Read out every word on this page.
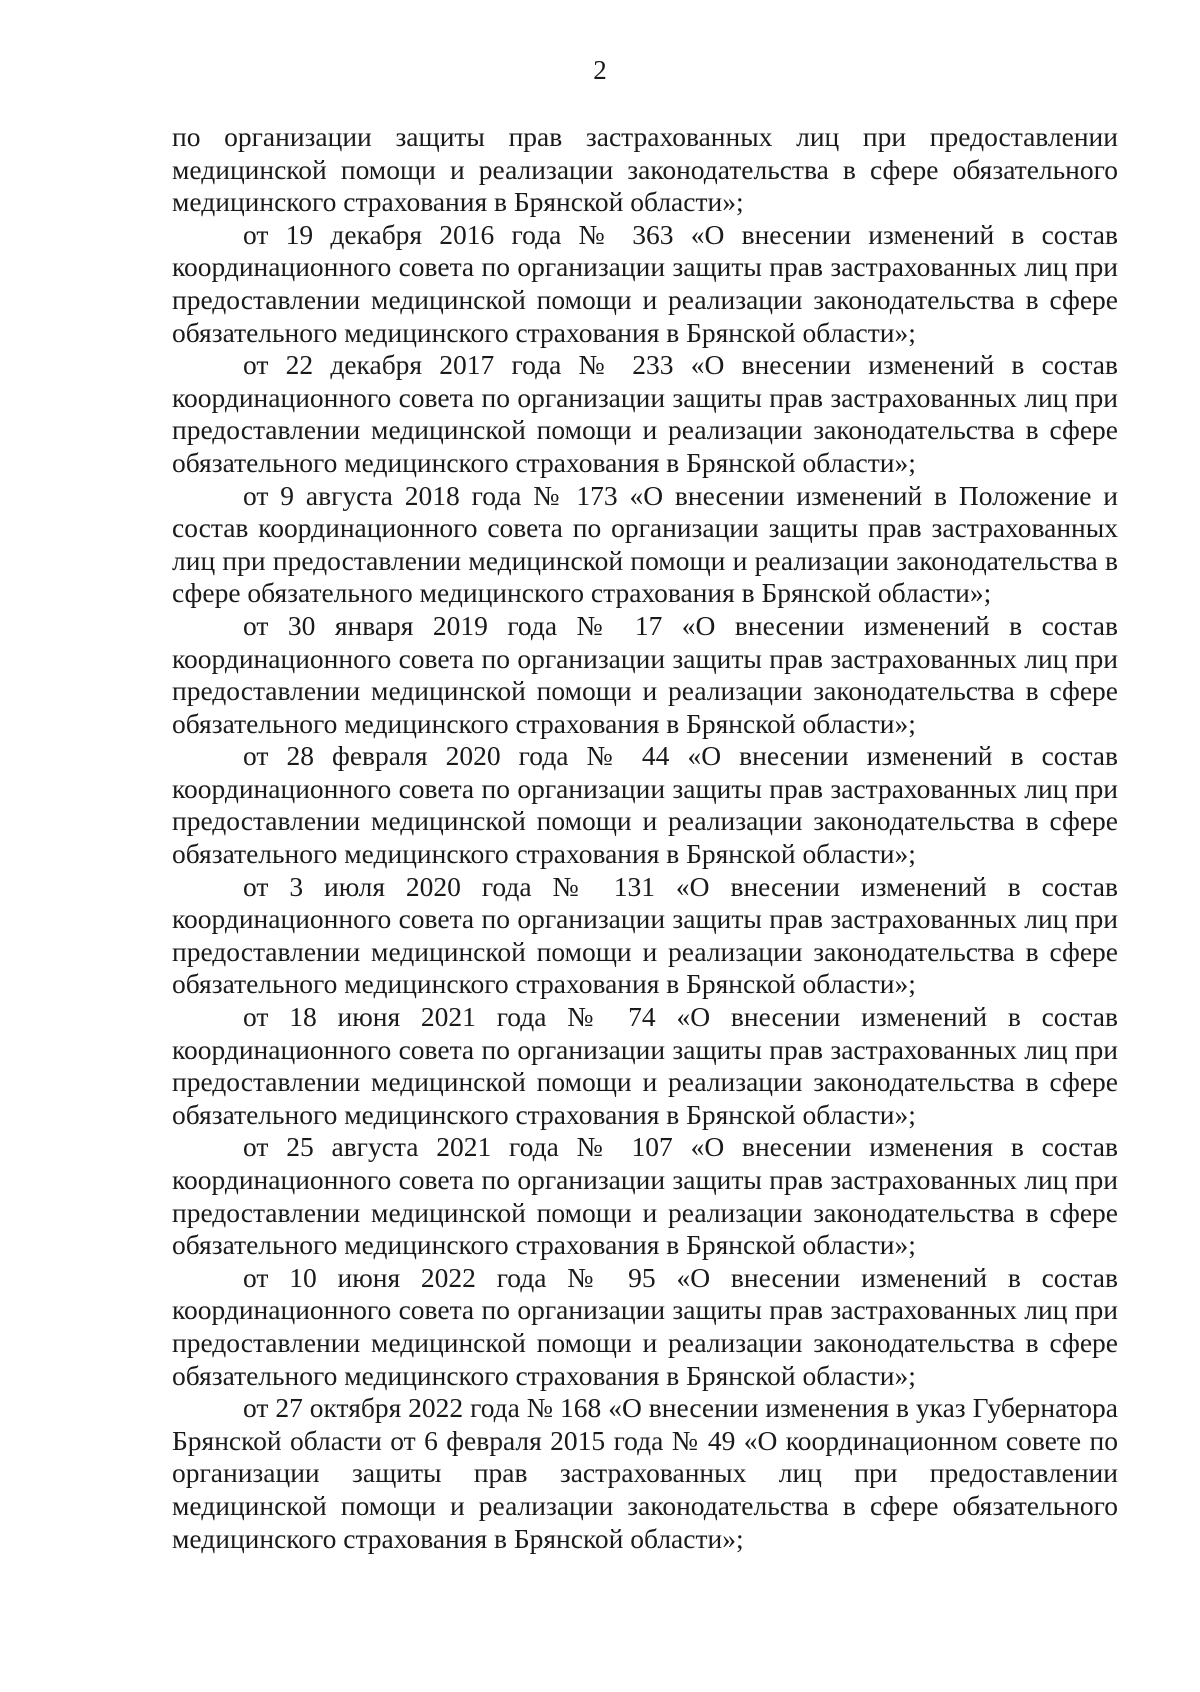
2

по организации защиты прав застрахованных лиц при предоставлении медицинской помощи и реализации законодательства в сфере обязательного медицинского страхования в Брянской области»;

от 19 декабря 2016 года № 363 «О внесении изменений в состав координационного совета по организации защиты прав застрахованных лиц при предоставлении медицинской помощи и реализации законодательства в сфере обязательного медицинского страхования в Брянской области»;

от 22 декабря 2017 года № 233 «О внесении изменений в состав координационного совета по организации защиты прав застрахованных лиц при предоставлении медицинской помощи и реализации законодательства в сфере обязательного медицинского страхования в Брянской области»;

от 9 августа 2018 года № 173 «О внесении изменений в Положение и состав координационного совета по организации защиты прав застрахованных лиц при предоставлении медицинской помощи и реализации законодательства в сфере обязательного медицинского страхования в Брянской области»;

от 30 января 2019 года № 17 «О внесении изменений в состав координационного совета по организации защиты прав застрахованных лиц при предоставлении медицинской помощи и реализации законодательства в сфере обязательного медицинского страхования в Брянской области»;

от 28 февраля 2020 года № 44 «О внесении изменений в состав координационного совета по организации защиты прав застрахованных лиц при предоставлении медицинской помощи и реализации законодательства в сфере обязательного медицинского страхования в Брянской области»;

от 3 июля 2020 года № 131 «О внесении изменений в состав координационного совета по организации защиты прав застрахованных лиц при предоставлении медицинской помощи и реализации законодательства в сфере обязательного медицинского страхования в Брянской области»;

от 18 июня 2021 года № 74 «О внесении изменений в состав координационного совета по организации защиты прав застрахованных лиц при предоставлении медицинской помощи и реализации законодательства в сфере обязательного медицинского страхования в Брянской области»;

от 25 августа 2021 года № 107 «О внесении изменения в состав координационного совета по организации защиты прав застрахованных лиц при предоставлении медицинской помощи и реализации законодательства в сфере обязательного медицинского страхования в Брянской области»;

от 10 июня 2022 года № 95 «О внесении изменений в состав координационного совета по организации защиты прав застрахованных лиц при предоставлении медицинской помощи и реализации законодательства в сфере обязательного медицинского страхования в Брянской области»;

от 27 октября 2022 года № 168 «О внесении изменения в указ Губернатора Брянской области от 6 февраля 2015 года № 49 «О координационном совете по организации защиты прав застрахованных лиц при предоставлении медицинской помощи и реализации законодательства в сфере обязательного медицинского страхования в Брянской области»;
